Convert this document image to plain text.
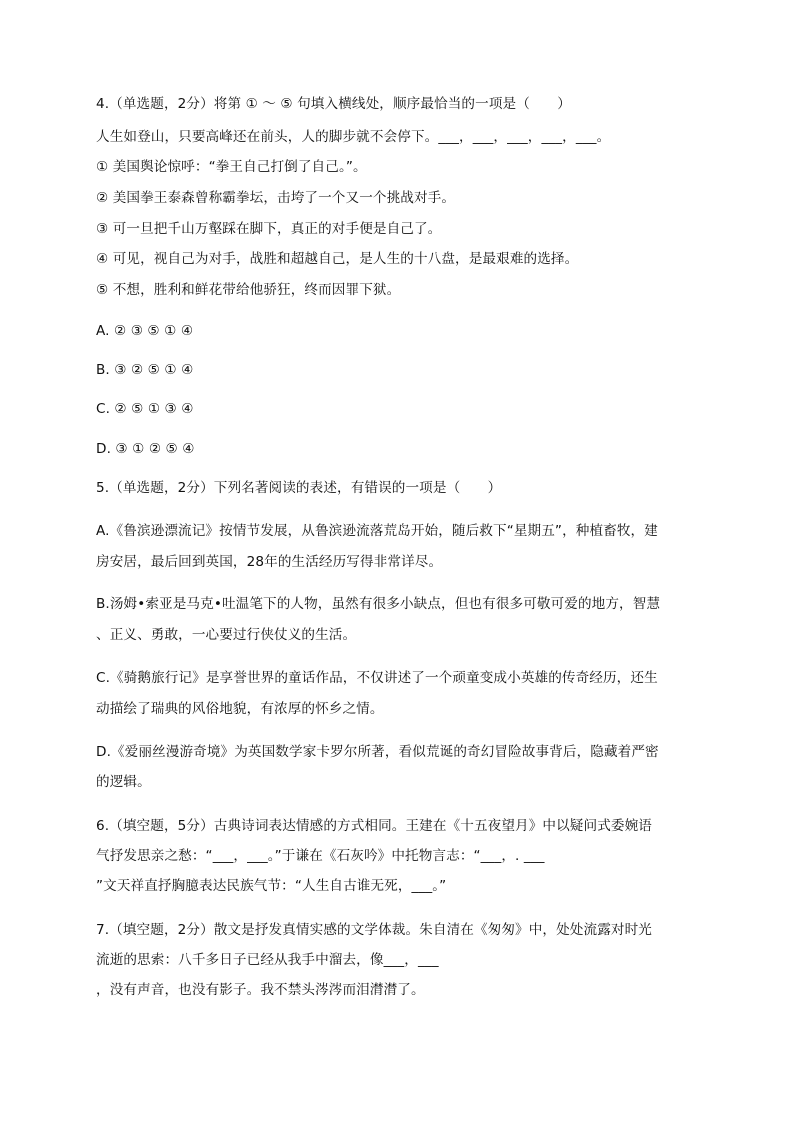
4.（单选题，2分）将第 ① ～ ⑤ 句填入横线处，顺序最恰当的一项是（　　）
人生如登山，只要高峰还在前头，人的脚步就不会停下。___，___，___，___，___。
① 美国舆论惊呼：“拳王自己打倒了自己。”。
② 美国拳王泰森曾称霸拳坛，击垮了一个又一个挑战对手。
③ 可一旦把千山万壑踩在脚下，真正的对手便是自己了。
④ 可见，视自己为对手，战胜和超越自己，是人生的十八盘，是最艰难的选择。
⑤ 不想，胜利和鲜花带给他骄狂，终而因罪下狱。
A. ② ③ ⑤ ① ④
B. ③ ② ⑤ ① ④
C. ② ⑤ ① ③ ④
D. ③ ① ② ⑤ ④
5.（单选题，2分）下列名著阅读的表述，有错误的一项是（　　）
A.《鲁滨逊漂流记》按情节发展，从鲁滨逊流落荒岛开始，随后救下“星期五”，种植畜牧，建
房安居，最后回到英国，28年的生活经历写得非常详尽。
B.汤姆•索亚是马克•吐温笔下的人物，虽然有很多小缺点，但也有很多可敬可爱的地方，智慧
、正义、勇敢，一心要过行侠仗义的生活。
C.《骑鹅旅行记》是享誉世界的童话作品，不仅讲述了一个顽童变成小英雄的传奇经历，还生
动描绘了瑞典的风俗地貌，有浓厚的怀乡之情。
D.《爱丽丝漫游奇境》为英国数学家卡罗尔所著，看似荒诞的奇幻冒险故事背后，隐藏着严密
的逻辑。
6.（填空题，5分）古典诗词表达情感的方式相同。王建在《十五夜望月》中以疑问式委婉语
气抒发思亲之愁：“___，___。”于谦在《石灰吟》中托物言志：“___，. ___
”文天祥直抒胸臆表达民族气节：“人生自古谁无死，___。”
7.（填空题，2分）散文是抒发真情实感的文学体裁。朱自清在《匆匆》中，处处流露对时光
流逝的思索：八千多日子已经从我手中溜去，像___，___
，没有声音，也没有影子。我不禁头涔涔而泪潸潸了。
